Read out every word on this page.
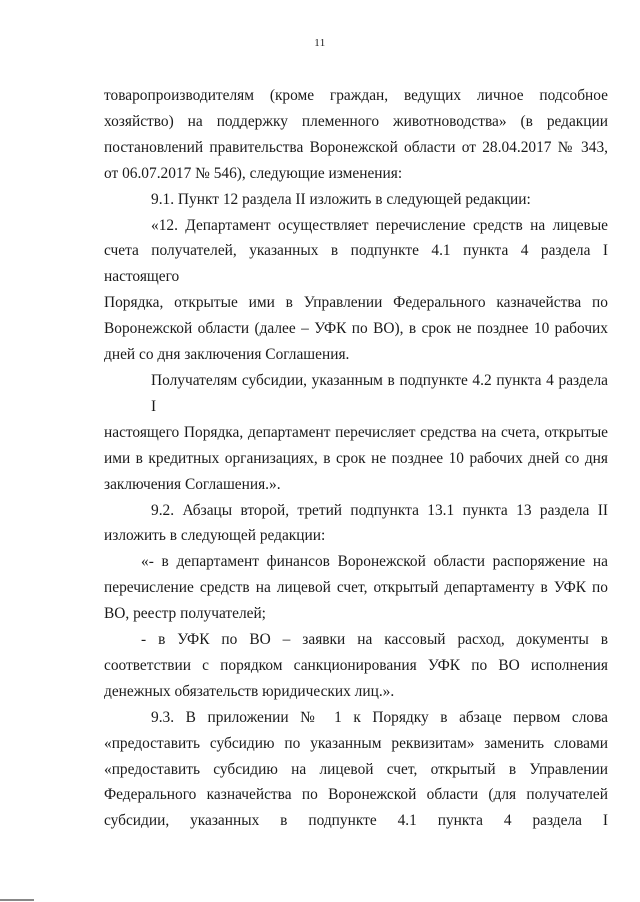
11

товаропроизводителям (кроме граждан, ведущих личное подсобное
хозяйство) на поддержку племенного животноводства» (в редакции
постановлений правительства Воронежской области от 28.04.2017 № 343,
от 06.07.2017 № 546), следующие изменения:

9.1. Пункт 12 раздела II изложить в следующей редакции:

«12. Департамент осуществляет перечисление средств на лицевые
счета получателей, указанных в подпункте 4.1 пункта 4 раздела I настоящего
Порядка, открытые ими в Управлении Федерального казначейства по
Воронежской области (далее – УФК по ВО), в срок не позднее 10 рабочих
дней со дня заключения Соглашения.

Получателям субсидии, указанным в подпункте 4.2 пункта 4 раздела I
настоящего Порядка, департамент перечисляет средства на счета, открытые
ими в кредитных организациях, в срок не позднее 10 рабочих дней со дня
заключения Соглашения.».

9.2. Абзацы второй, третий подпункта 13.1 пункта 13 раздела II
изложить в следующей редакции:

«- в департамент финансов Воронежской области распоряжение на
перечисление средств на лицевой счет, открытый департаменту в УФК по
ВО, реестр получателей;

- в УФК по ВО – заявки на кассовый расход, документы в
соответствии с порядком санкционирования УФК по ВО исполнения
денежных обязательств юридических лиц.».

9.3. В приложении № 1 к Порядку в абзаце первом слова
«предоставить субсидию по указанным реквизитам» заменить словами
«предоставить субсидию на лицевой счет, открытый в Управлении
Федерального казначейства по Воронежской области (для получателей
субсидии, указанных в подпункте 4.1 пункта 4 раздела I
